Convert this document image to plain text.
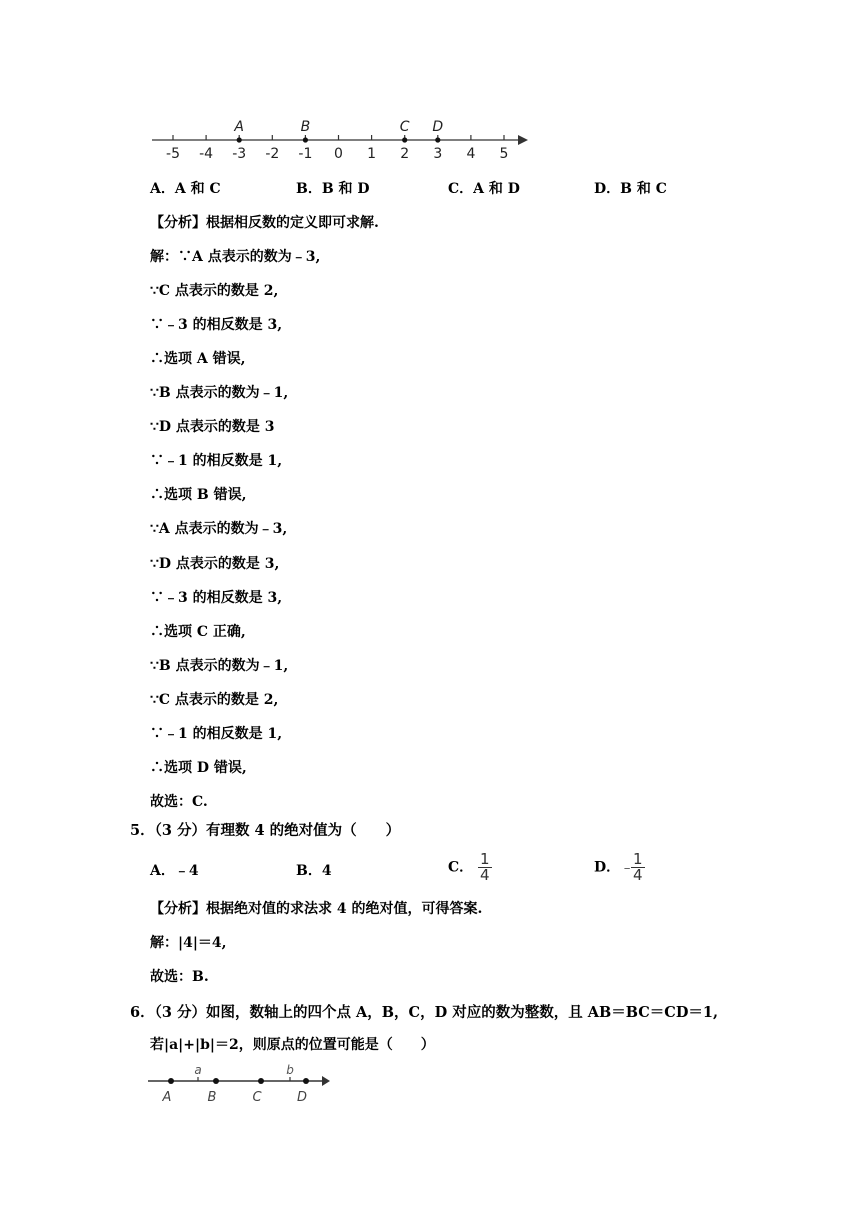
-5 -4 -3 -2 -1 0 1 2 3 4 5
A	B	C D
A．A 和 C	B．B 和 D	C．A 和 D	D．B 和 C
【分析】根据相反数的定义即可求解.
解：∵A 点表示的数为﹣3,
∵C 点表示的数是 2,
∵﹣3 的相反数是 3,
∴选项 A 错误,
∵B 点表示的数为﹣1,
∵D 点表示的数是 3
∵﹣1 的相反数是 1,
∴选项 B 错误,
∵A 点表示的数为﹣3,
∵D 点表示的数是 3,
∵﹣3 的相反数是 3,
∴选项 C 正确,
∵B 点表示的数为﹣1,
∵C 点表示的数是 2,
∵﹣1 的相反数是 1,
∴选项 D 错误,
故选：C.
5．（3 分）有理数 4 的绝对值为（　　）
A．﹣4	B．4	C． $\frac{1}{4}$	D．﹣
$\frac{1}{4}$
【分析】根据绝对值的求法求 4 的绝对值，可得答案.
解：|4|＝4,
故选：B.
6．（3 分）如图，数轴上的四个点 A，B，C，D 对应的数为整数，且 AB＝BC＝CD＝1,
若|a|+|b|＝2，则原点的位置可能是（　　）
A	B	C	D
a	b
